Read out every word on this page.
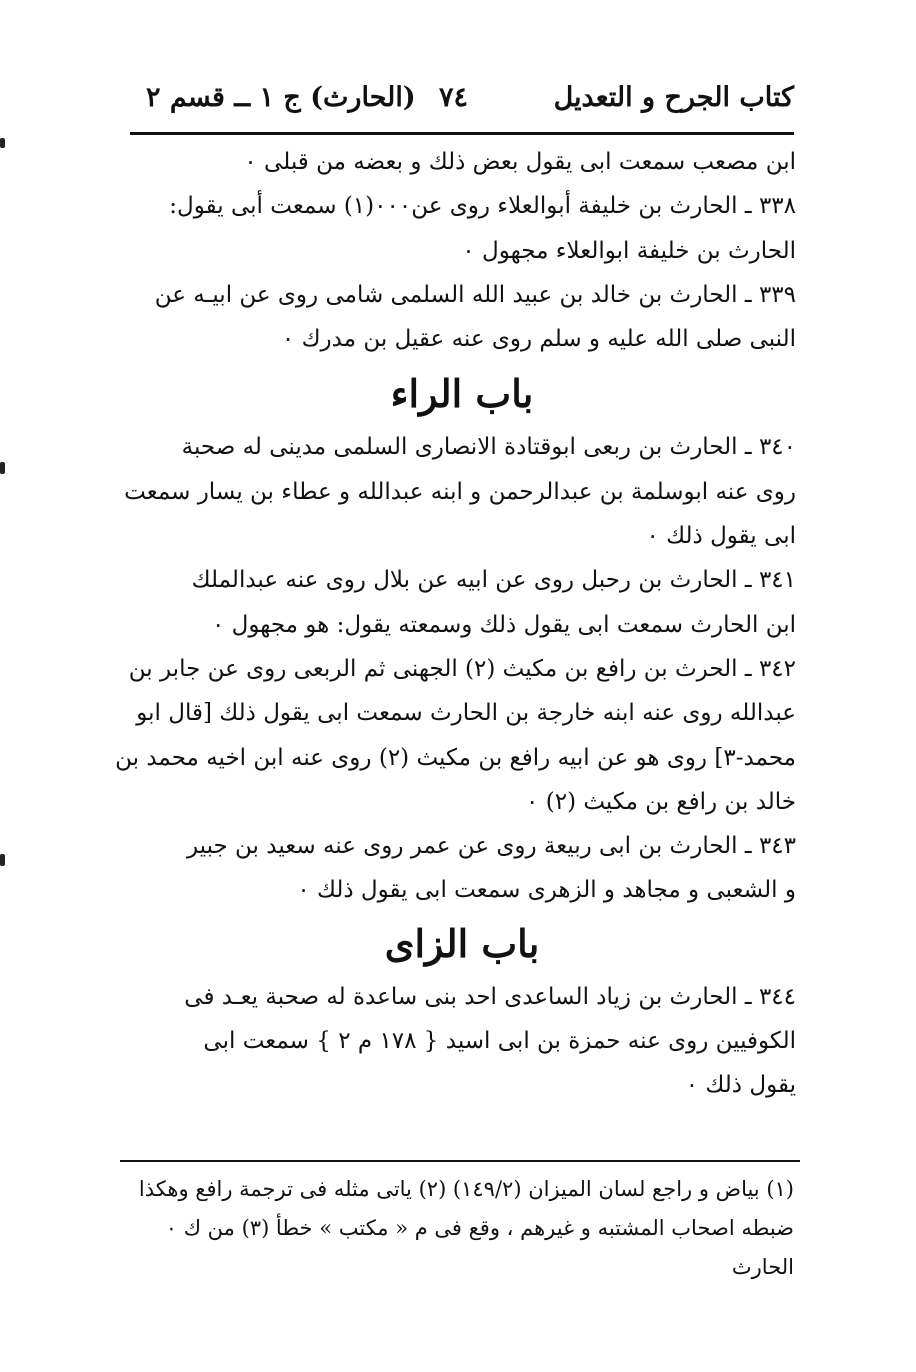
كتاب الجرح و التعديل
٧٤
(الحارث) ج ١ ــ قسم ٢
ابن مصعب سمعت ابى يقول بعض ذلك و بعضه من قبلى ٠
٣٣٨ ـ الحارث بن خليفة أبوالعلاء روى عن٠٠٠(١) سمعت أبى يقول:
الحارث بن خليفة ابوالعلاء مجهول ٠
٣٣٩ ـ الحارث بن خالد بن عبيد الله السلمى شامى روى عن ابيـه عن
النبى صلى الله عليه و سلم روى عنه عقيل بن مدرك ٠
باب الراء
٣٤٠ ـ الحارث بن ربعى ابوقتادة الانصارى السلمى مدينى له صحبة
روى عنه ابوسلمة بن عبدالرحمن و ابنه عبدالله و عطاء بن يسار سمعت
ابى يقول ذلك ٠
٣٤١ ـ الحارث بن رحبل روى عن ابيه عن بلال روى عنه عبدالملك
ابن الحارث سمعت ابى يقول ذلك وسمعته يقول: هو مجهول ٠
٣٤٢ ـ الحرث بن رافع بن مكيث (٢) الجهنى ثم الربعى روى عن جابر بن
عبدالله روى عنه ابنه خارجة بن الحارث سمعت ابى يقول ذلك [قال ابو
محمد-٣] روى هو عن ابيه رافع بن مكيث (٢) روى عنه ابن اخيه محمد بن
خالد بن رافع بن مكيث (٢) ٠
٣٤٣ ـ الحارث بن ابى ربيعة روى عن عمر روى عنه سعيد بن جبير
و الشعبى و مجاهد و الزهرى سمعت ابى يقول ذلك ٠
باب الزاى
٣٤٤ ـ الحارث بن زياد الساعدى احد بنى ساعدة له صحبة يعـد فى
الكوفيين روى عنه حمزة بن ابى اسيد { ١٧٨ م ٢ } سمعت ابى
يقول ذلك ٠
(١) بياض و راجع لسان الميزان (١٤٩/٢) (٢) ياتى مثله فى ترجمة رافع وهكذا
ضبطه اصحاب المشتبه و غيرهم ، وقع فى م « مكتب » خطأ (٣) من ك ٠
الحارث
